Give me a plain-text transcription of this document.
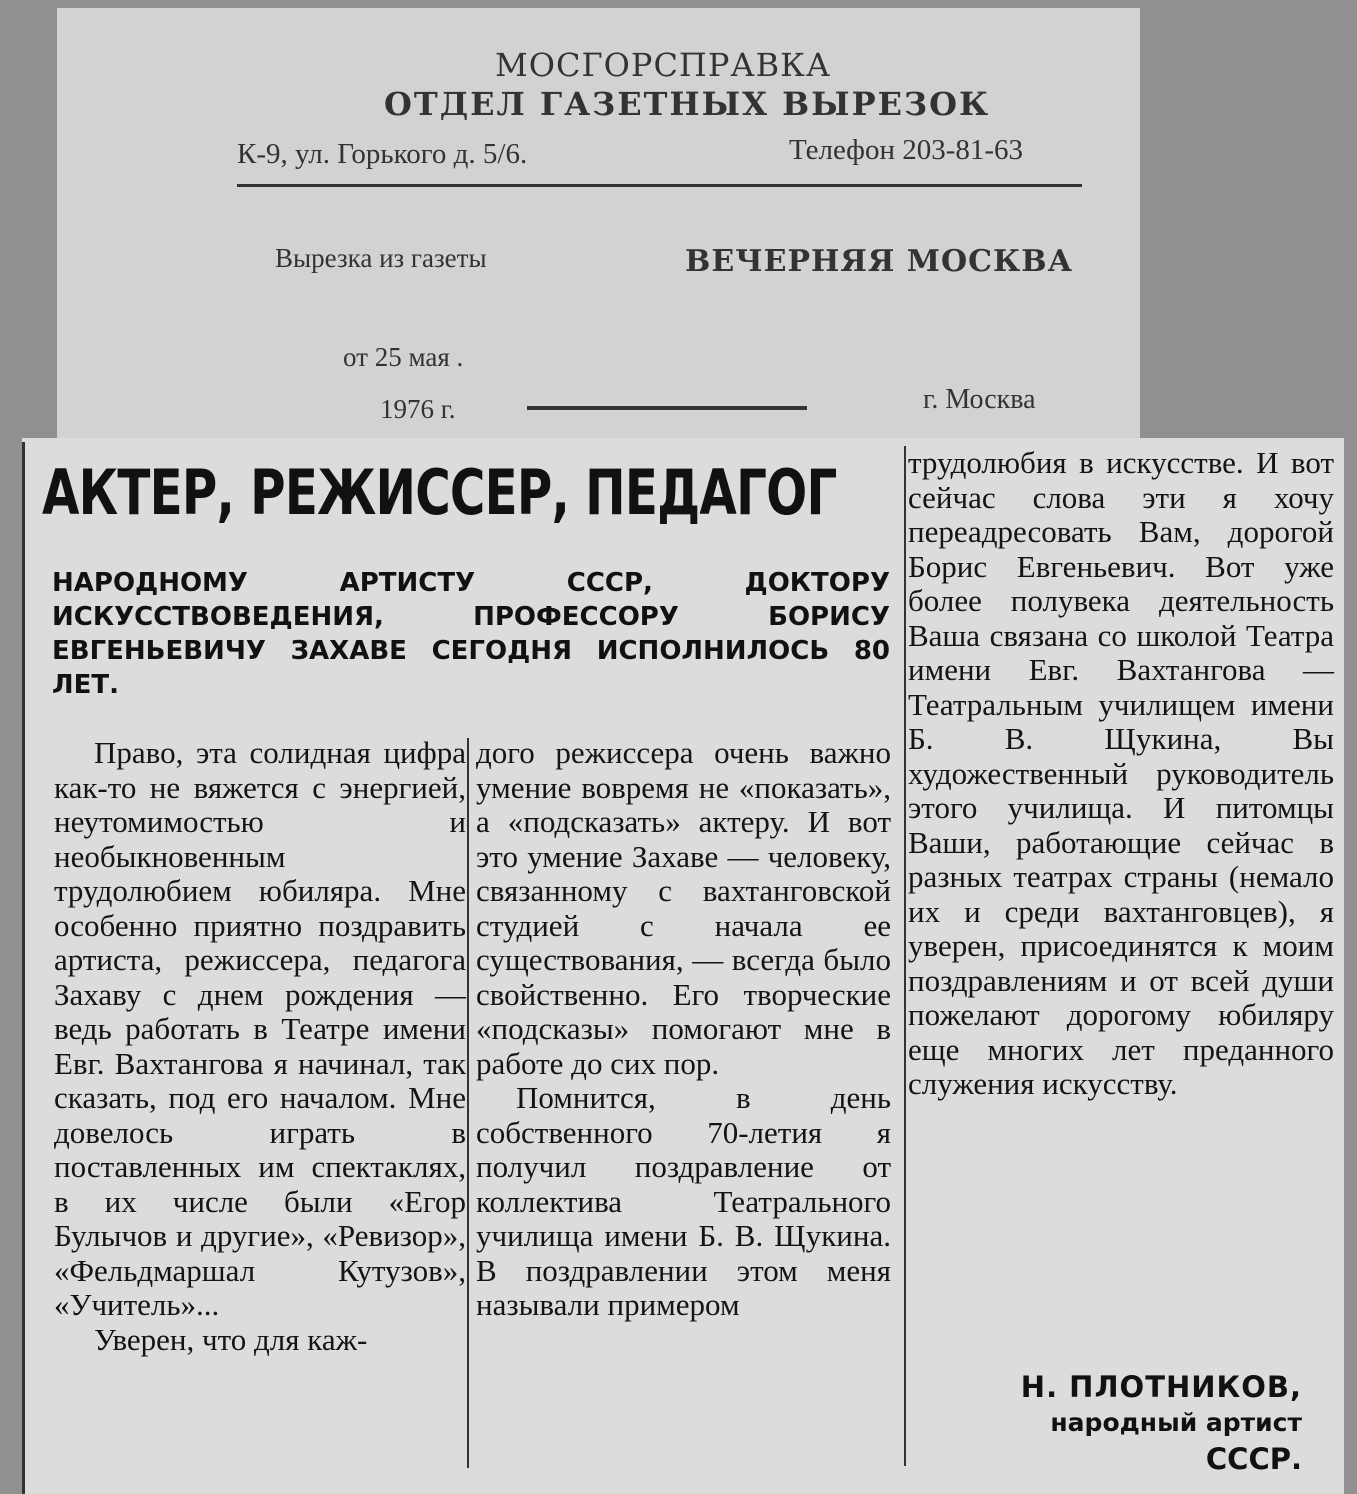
МОСГОРСПРАВКА
ОТДЕЛ ГАЗЕТНЫХ ВЫРЕЗОК
К-9, ул. Горького д. 5/6.	Телефон 203-81-63
Вырезка из газеты	ВЕЧЕРНЯЯ МОСКВА
от 25 мая .
1976 г.	г. Москва
АКТЕР, РЕЖИССЕР, ПЕДАГОГ
НАРОДНОМУ АРТИСТУ СССР, ДОКТОРУ ИСКУССТВОВЕДЕНИЯ, ПРОФЕССОРУ БОРИСУ ЕВГЕНЬЕВИЧУ ЗАХАВЕ СЕГОДНЯ ИСПОЛНИЛОСЬ 80 ЛЕТ.

Право, эта солидная цифра как-то не вяжется с энергией, неутомимостью и необыкновенным трудолюбием юбиляра. Мне особенно приятно поздравить артиста, режиссера, педагога Захаву с днем рождения — ведь работать в Театре имени Евг. Вахтангова я начинал, так сказать, под его началом. Мне довелось играть в поставленных им спектаклях, в их числе были «Егор Булычов и другие», «Ревизор», «Фельдмаршал Кутузов», «Учитель»...

Уверен, что для каж-

дого режиссера очень важно умение вовремя не «показать», а «подсказать» актеру. И вот это умение Захаве — человеку, связанному с вахтанговской студией с начала ее существования, — всегда было свойственно. Его творческие «подсказы» помогают мне в работе до сих пор.

Помнится, в день собственного 70-летия я получил поздравление от коллектива Театрального училища имени Б. В. Щукина. В поздравлении этом меня называли примером

трудолюбия в искусстве. И вот сейчас слова эти я хочу переадресовать Вам, дорогой Борис Евгеньевич. Вот уже более полувека деятельность Ваша связана со школой Театра имени Евг. Вахтангова — Театральным училищем имени Б. В. Щукина, Вы художественный руководитель этого училища. И питомцы Ваши, работающие сейчас в разных театрах страны (немало их и среди вахтанговцев), я уверен, присоединятся к моим поздравлениям и от всей души пожелают дорогому юбиляру еще многих лет преданного служения искусству.

Н. ПЛОТНИКОВ,
народный артист
СССР.
